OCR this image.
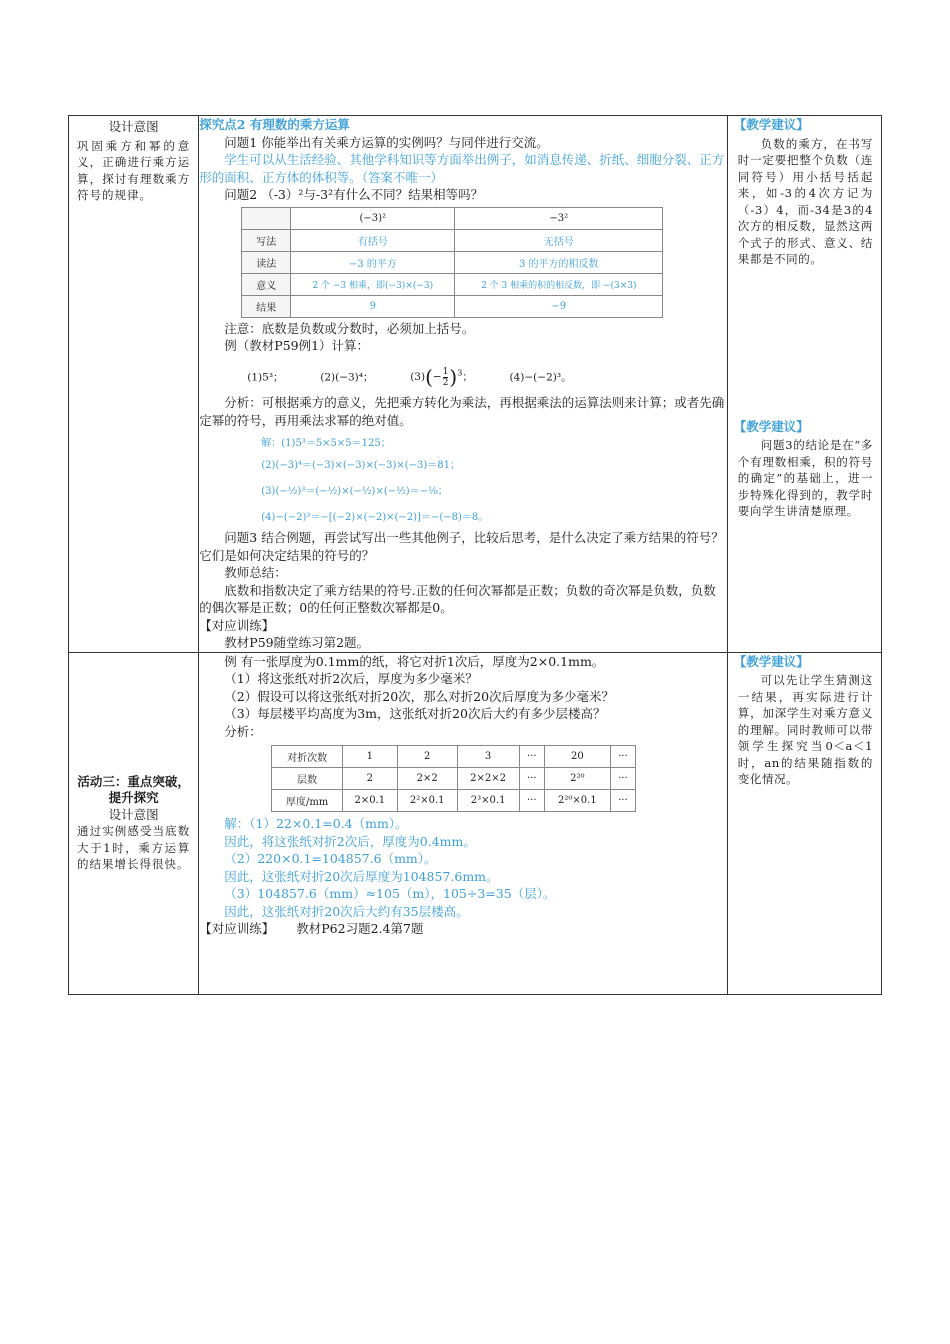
设计意图
巩固乘方和幂的意义，正确进行乘方运算，探讨有理数乘方符号的规律。

探究点2 有理数的乘方运算
问题1 你能举出有关乘方运算的实例吗？与同伴进行交流。
学生可以从生活经验、其他学科知识等方面举出例子，如消息传递、折纸、细胞分裂、正方形的面积、正方体的体积等。（答案不唯一）
问题2 （-3）²与-3²有什么不同？结果相等吗？
	(−3)²	−3²
写法	有括号	无括号
读法	−3 的平方	3 的平方的相反数
意义	2 个 −3 相乘，即(−3)×(−3)	2 个 3 相乘的积的相反数，即 −(3×3)
结果	9	−9
注意：底数是负数或分数时，必须加上括号。
例（教材P59例1）计算：
(1)5³；	(2)(−3)⁴；	$(3)(- \frac{1}{2} )^3$；	(4)−(−2)³。
分析：可根据乘方的意义，先把乘方转化为乘法，再根据乘法的运算法则来计算；或者先确定幂的符号，再用乘法求幂的绝对值。
解：(1)5³＝5×5×5＝125；
(2)(−3)⁴＝(−3)×(−3)×(−3)×(−3)＝81；
(3)(−½)³＝(−½)×(−½)×(−½)＝−⅛；
(4)−(−2)³＝−[(−2)×(−2)×(−2)]＝−(−8)＝8。
问题3 结合例题，再尝试写出一些其他例子，比较后思考，是什么决定了乘方结果的符号？它们是如何决定结果的符号的？
教师总结：
底数和指数决定了乘方结果的符号.正数的任何次幂都是正数；负数的奇次幂是负数，负数的偶次幂是正数；0的任何正整数次幂都是0。
【对应训练】
教材P59随堂练习第2题。

【教学建议】
负数的乘方，在书写时一定要把整个负数（连同符号）用小括号括起来，如-3的4次方记为（-3）4，而-34是3的4次方的相反数，显然这两个式子的形式、意义、结果都是不同的。
【教学建议】
问题3的结论是在“多个有理数相乘，积的符号的确定”的基础上，进一步特殊化得到的，教学时要向学生讲清楚原理。

活动三：重点突破，提升探究
设计意图
通过实例感受当底数大于1时，乘方运算的结果增长得很快。

例 有一张厚度为0.1mm的纸，将它对折1次后，厚度为2×0.1mm。
（1）将这张纸对折2次后，厚度为多少毫米？
（2）假设可以将这张纸对折20次，那么对折20次后厚度为多少毫米？
（3）每层楼平均高度为3m，这张纸对折20次后大约有多少层楼高？
分析：
对折次数	1	2	3	···	20	···
层数	2	2×2	2×2×2	···	2²⁰	···
厚度/mm	2×0.1	2²×0.1	2³×0.1	···	2²⁰×0.1	···
解：（1）22×0.1=0.4（mm）。
因此，将这张纸对折2次后，厚度为0.4mm。
（2）220×0.1=104857.6（mm）。
因此，这张纸对折20次后厚度为104857.6mm。
（3）104857.6（mm）≈105（m），105÷3=35（层）。
因此，这张纸对折20次后大约有35层楼高。
【对应训练】 教材P62习题2.4第7题

【教学建议】
可以先让学生猜测这一结果，再实际进行计算，加深学生对乘方意义的理解。同时教师可以带领学生探究当0＜a＜1时，an的结果随指数的变化情况。
